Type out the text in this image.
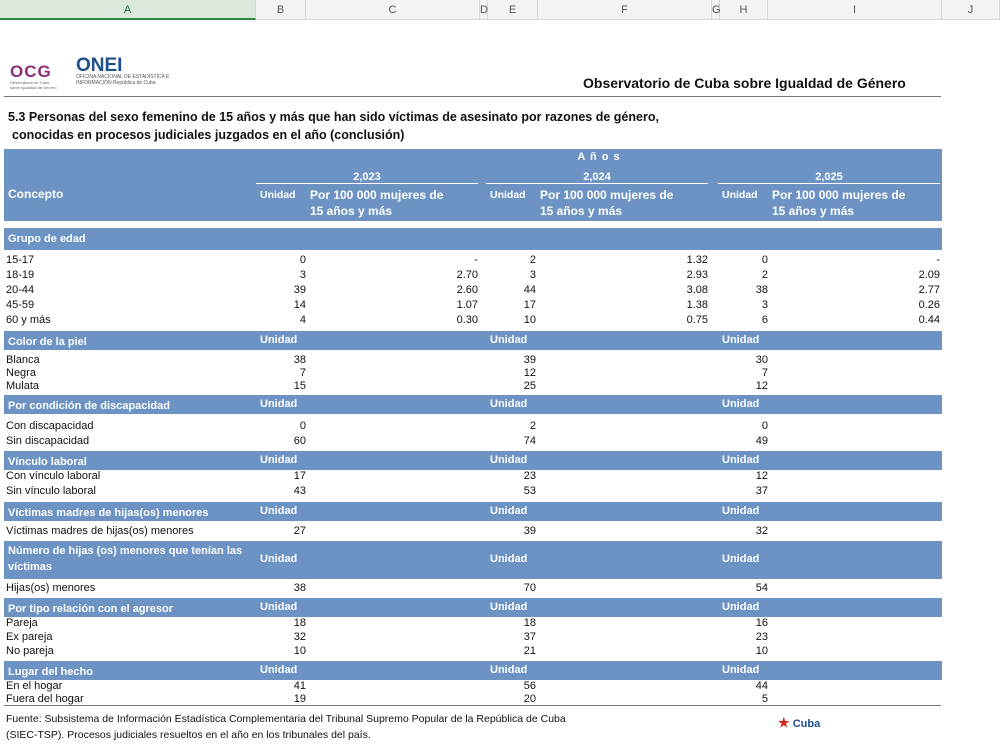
A	B	C	D	E	F	G	H	I	J
OCG
Observatorio de Cuba sobre Igualdad de Género
ONEI
OFICINA NACIONAL DE ESTADÍSTICA E INFORMACIÓN República de Cuba	Observatorio de Cuba sobre Igualdad de Género
5.3 Personas del sexo femenino de 15 años y más que han sido víctimas de asesinato por razones de género,
conocidas en procesos judiciales juzgados en el año (conclusión)
A ñ o s
Concepto
2,023
Unidad Por 100 000 mujeres de
15 años y más
2,024
Unidad Por 100 000 mujeres de
15 años y más
2,025
Unidad Por 100 000 mujeres de
15 años y más
Grupo de edad
15-17	0	-	2	1.32	0	-
18-19	3	2.70	3	2.93	2	2.09
20-44	39	2.60	44	3.08	38	2.77
45-59	14	1.07	17	1.38	3	0.26
60 y más	4	0.30	10	0.75	6	0.44
Color de la piel	Unidad	Unidad	Unidad
Blanca	38	39	30
Negra	7	12	7
Mulata	15	25	12
Por condición de discapacidad	Unidad	Unidad	Unidad
Con discapacidad	0	2	0
Sin discapacidad	60	74	49
Vínculo laboral	Unidad	Unidad	Unidad
Con vínculo laboral	17	23	12
Sin vínculo laboral	43	53	37
Víctimas madres de hijas(os) menores	Unidad	Unidad	Unidad
Víctimas madres de hijas(os) menores	27	39	32
Número de hijas (os) menores que tenían las víctimas
Unidad	Unidad	Unidad
Hijas(os) menores	38	70	54
Por tipo relación con el agresor	Unidad	Unidad	Unidad
Pareja	18	18	16
Ex pareja	32	37	23
No pareja	10	21	10
Lugar del hecho	Unidad	Unidad	Unidad
En el hogar	41	56	44
Fuera del hogar	19	20	5
Fuente: Subsistema de Información Estadística Complementaria del Tribunal Supremo Popular de la República de Cuba
(SIEC-TSP). Procesos judiciales resueltos en el año en los tribunales del país.
★ Cuba
